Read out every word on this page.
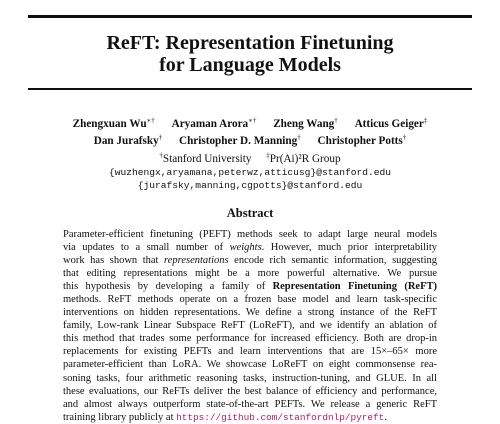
ReFT: Representation Finetuning
for Language Models
Zhengxuan Wu∗† Aryaman Arora∗† Zheng Wang† Atticus Geiger‡
Dan Jurafsky† Christopher D. Manning† Christopher Potts†
†Stanford University ‡Pr(Ai)²R Group
{wuzhengx,aryamana,peterwz,atticusg}@stanford.edu
{jurafsky,manning,cgpotts}@stanford.edu
Abstract
Parameter-efficient finetuning (PEFT) methods seek to adapt large neural models
via updates to a small number of weights. However, much prior interpretability
work has shown that representations encode rich semantic information, suggesting
that editing representations might be a more powerful alternative. We pursue
this hypothesis by developing a family of Representation Finetuning (ReFT)
methods. ReFT methods operate on a frozen base model and learn task-specific
interventions on hidden representations. We define a strong instance of the ReFT
family, Low-rank Linear Subspace ReFT (LoReFT), and we identify an ablation of
this method that trades some performance for increased efficiency. Both are drop-in
replacements for existing PEFTs and learn interventions that are 15×–65× more
parameter-efficient than LoRA. We showcase LoReFT on eight commonsense rea-
soning tasks, four arithmetic reasoning tasks, instruction-tuning, and GLUE. In all
these evaluations, our ReFTs deliver the best balance of efficiency and performance,
and almost always outperform state-of-the-art PEFTs. We release a generic ReFT
training library publicly at https://github.com/stanfordnlp/pyreft.
